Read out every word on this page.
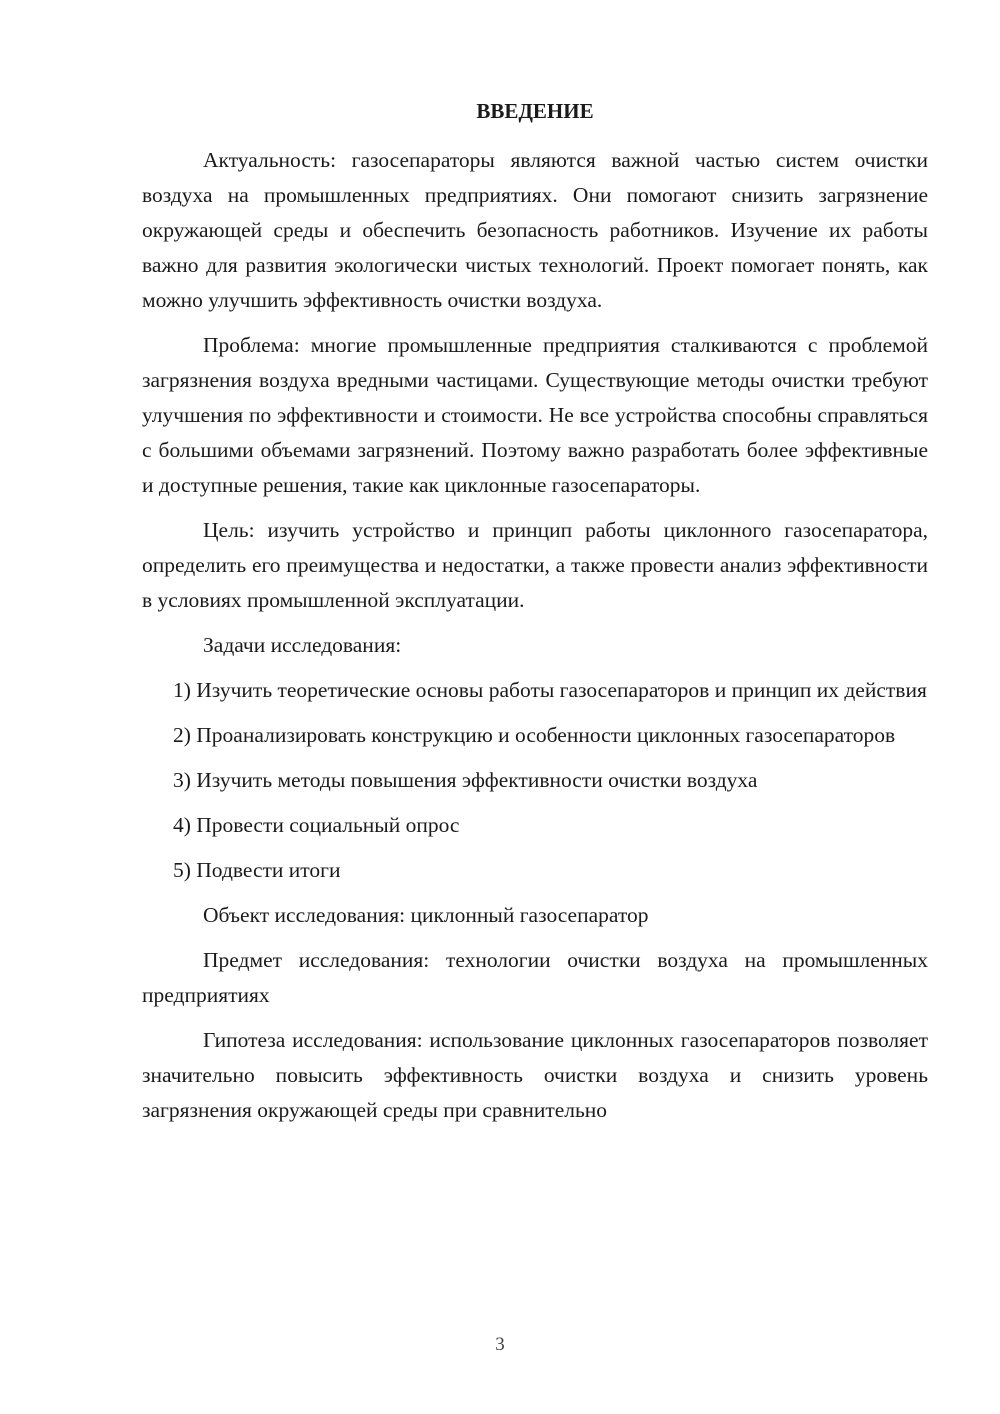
ВВЕДЕНИЕ

Актуальность: газосепараторы являются важной частью систем очистки воздуха на промышленных предприятиях. Они помогают снизить загрязнение окружающей среды и обеспечить безопасность работников. Изучение их работы важно для развития экологически чистых технологий. Проект помогает понять, как можно улучшить эффективность очистки воздуха.

Проблема: многие промышленные предприятия сталкиваются с проблемой загрязнения воздуха вредными частицами. Существующие методы очистки требуют улучшения по эффективности и стоимости. Не все устройства способны справляться с большими объемами загрязнений. Поэтому важно разработать более эффективные и доступные решения, такие как циклонные газосепараторы.

Цель: изучить устройство и принцип работы циклонного газосепаратора, определить его преимущества и недостатки, а также провести анализ эффективности в условиях промышленной эксплуатации.

Задачи исследования:

1) Изучить теоретические основы работы газосепараторов и принцип их действия

2) Проанализировать конструкцию и особенности циклонных газосепараторов

3) Изучить методы повышения эффективности очистки воздуха

4) Провести социальный опрос

5) Подвести итоги

Объект исследования: циклонный газосепаратор

Предмет исследования: технологии очистки воздуха на промышленных предприятиях

Гипотеза исследования: использование циклонных газосепараторов позволяет значительно повысить эффективность очистки воздуха и снизить уровень загрязнения окружающей среды при сравнительно

3
